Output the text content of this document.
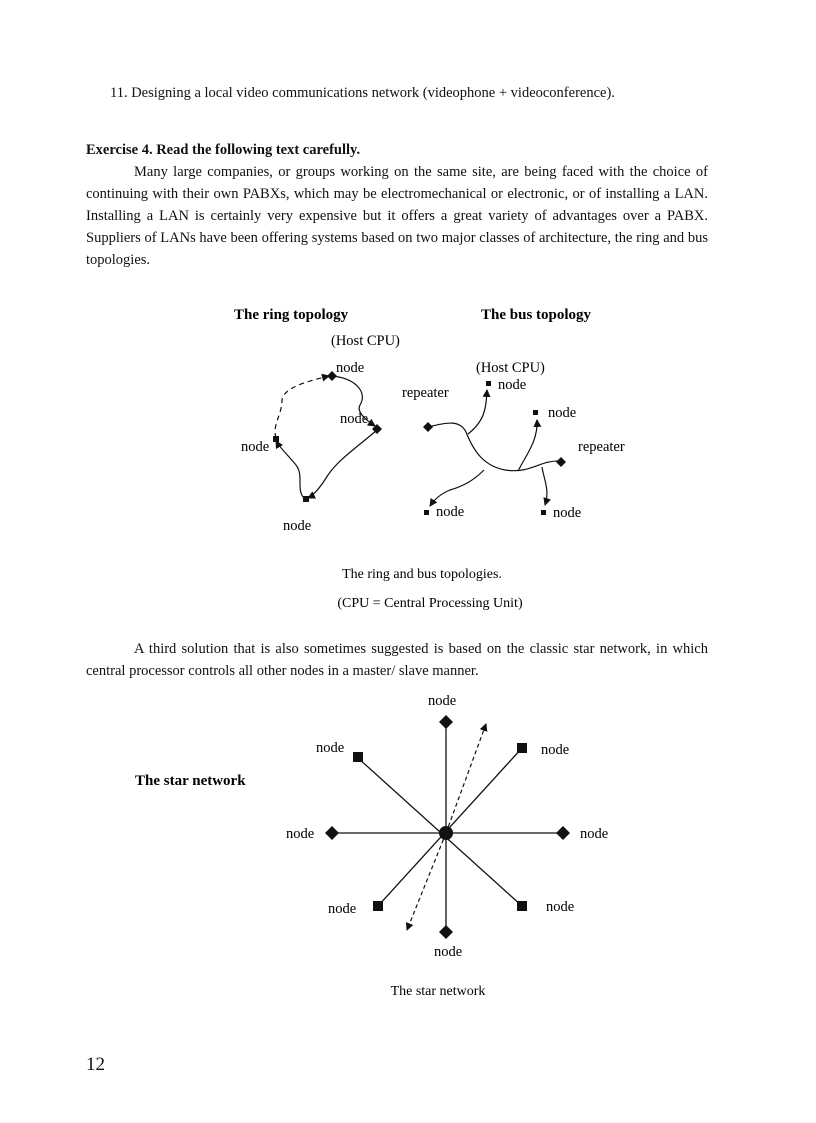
11. Designing a local video communications network (videophone + videoconference).
Exercise 4. Read the following text carefully.
Many large companies, or groups working on the same site, are being faced with the choice of continuing with their own PABXs, which may be electromechanical or electronic, or of installing a LAN. Installing a LAN is certainly very expensive but it offers a great variety of advantages over a PABX. Suppliers of LANs have been offering systems based on two major classes of architecture, the ring and bus topologies.
The ring topology	The bus topology
(Host CPU)
node
node
node
node
(Host CPU)
node
repeater
node
repeater
node	node
The ring and bus topologies.
(CPU = Central Processing Unit)
A third solution that is also sometimes suggested is based on the classic star network, in which central processor controls all other nodes in a master/ slave manner.
The star network
node
node	node
node	node
node	node
node
The star network
12
